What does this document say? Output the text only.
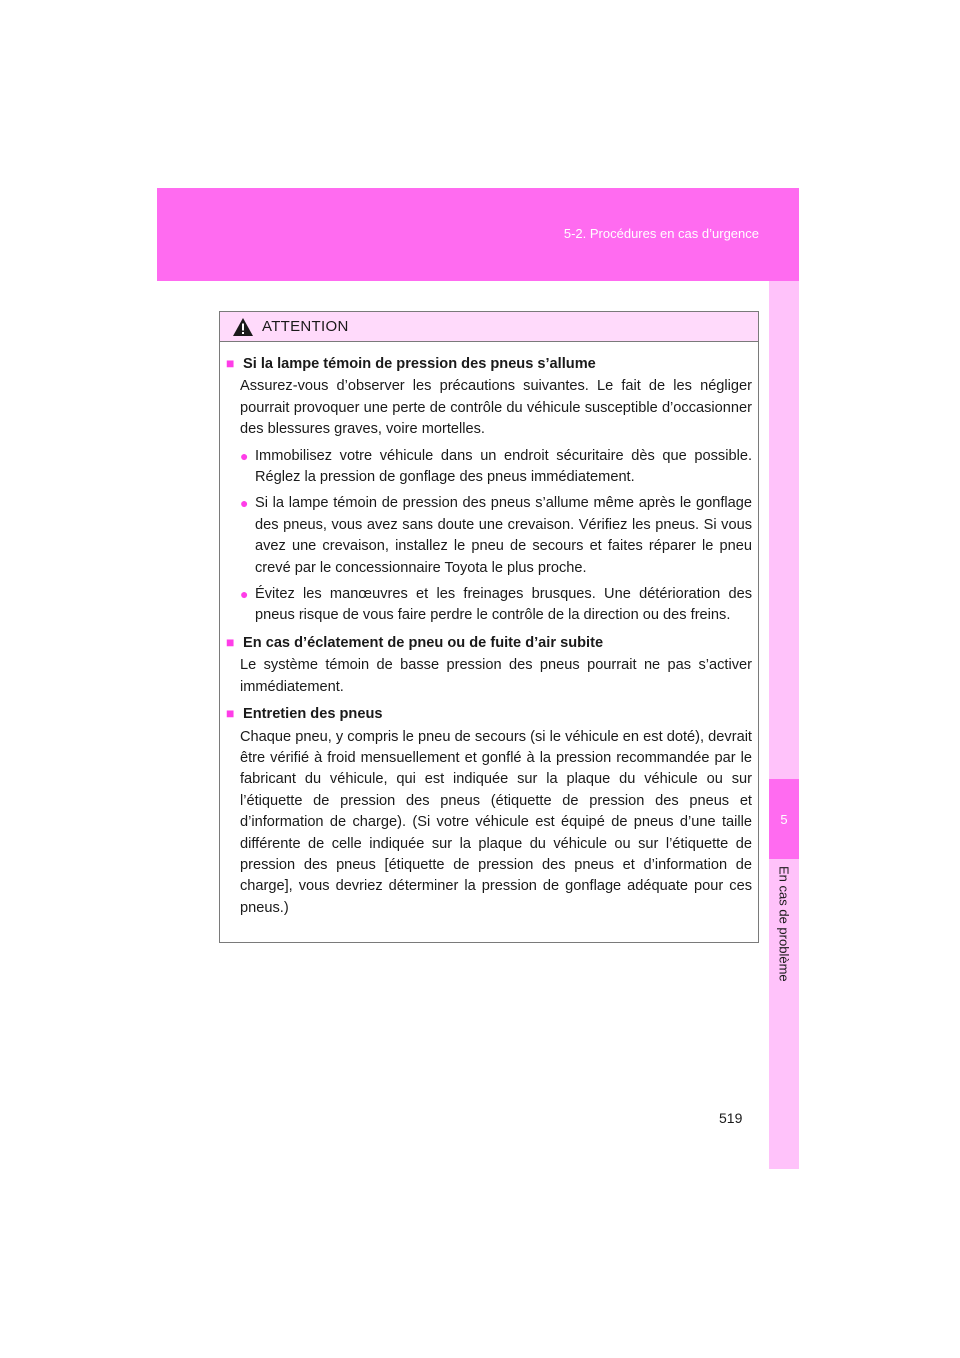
5-2. Procédures en cas d’urgence
5
En cas de problème
ATTENTION
■ Si la lampe témoin de pression des pneus s’allume
Assurez-vous d’observer les précautions suivantes. Le fait de les négliger pourrait provoquer une perte de contrôle du véhicule susceptible d’occasionner des blessures graves, voire mortelles.
● Immobilisez votre véhicule dans un endroit sécuritaire dès que possible. Réglez la pression de gonflage des pneus immédiatement.
● Si la lampe témoin de pression des pneus s’allume même après le gonflage des pneus, vous avez sans doute une crevaison. Vérifiez les pneus. Si vous avez une crevaison, installez le pneu de secours et faites réparer le pneu crevé par le concessionnaire Toyota le plus proche.
● Évitez les manœuvres et les freinages brusques. Une détérioration des pneus risque de vous faire perdre le contrôle de la direction ou des freins.
■ En cas d’éclatement de pneu ou de fuite d’air subite
Le système témoin de basse pression des pneus pourrait ne pas s’activer immédiatement.
■ Entretien des pneus
Chaque pneu, y compris le pneu de secours (si le véhicule en est doté), devrait être vérifié à froid mensuellement et gonflé à la pression recommandée par le fabricant du véhicule, qui est indiquée sur la plaque du véhicule ou sur l’étiquette de pression des pneus (étiquette de pression des pneus et d’information de charge). (Si votre véhicule est équipé de pneus d’une taille différente de celle indiquée sur la plaque du véhicule ou sur l’étiquette de pression des pneus [étiquette de pression des pneus et d’information de charge], vous devriez déterminer la pression de gonflage adéquate pour ces pneus.)
519
